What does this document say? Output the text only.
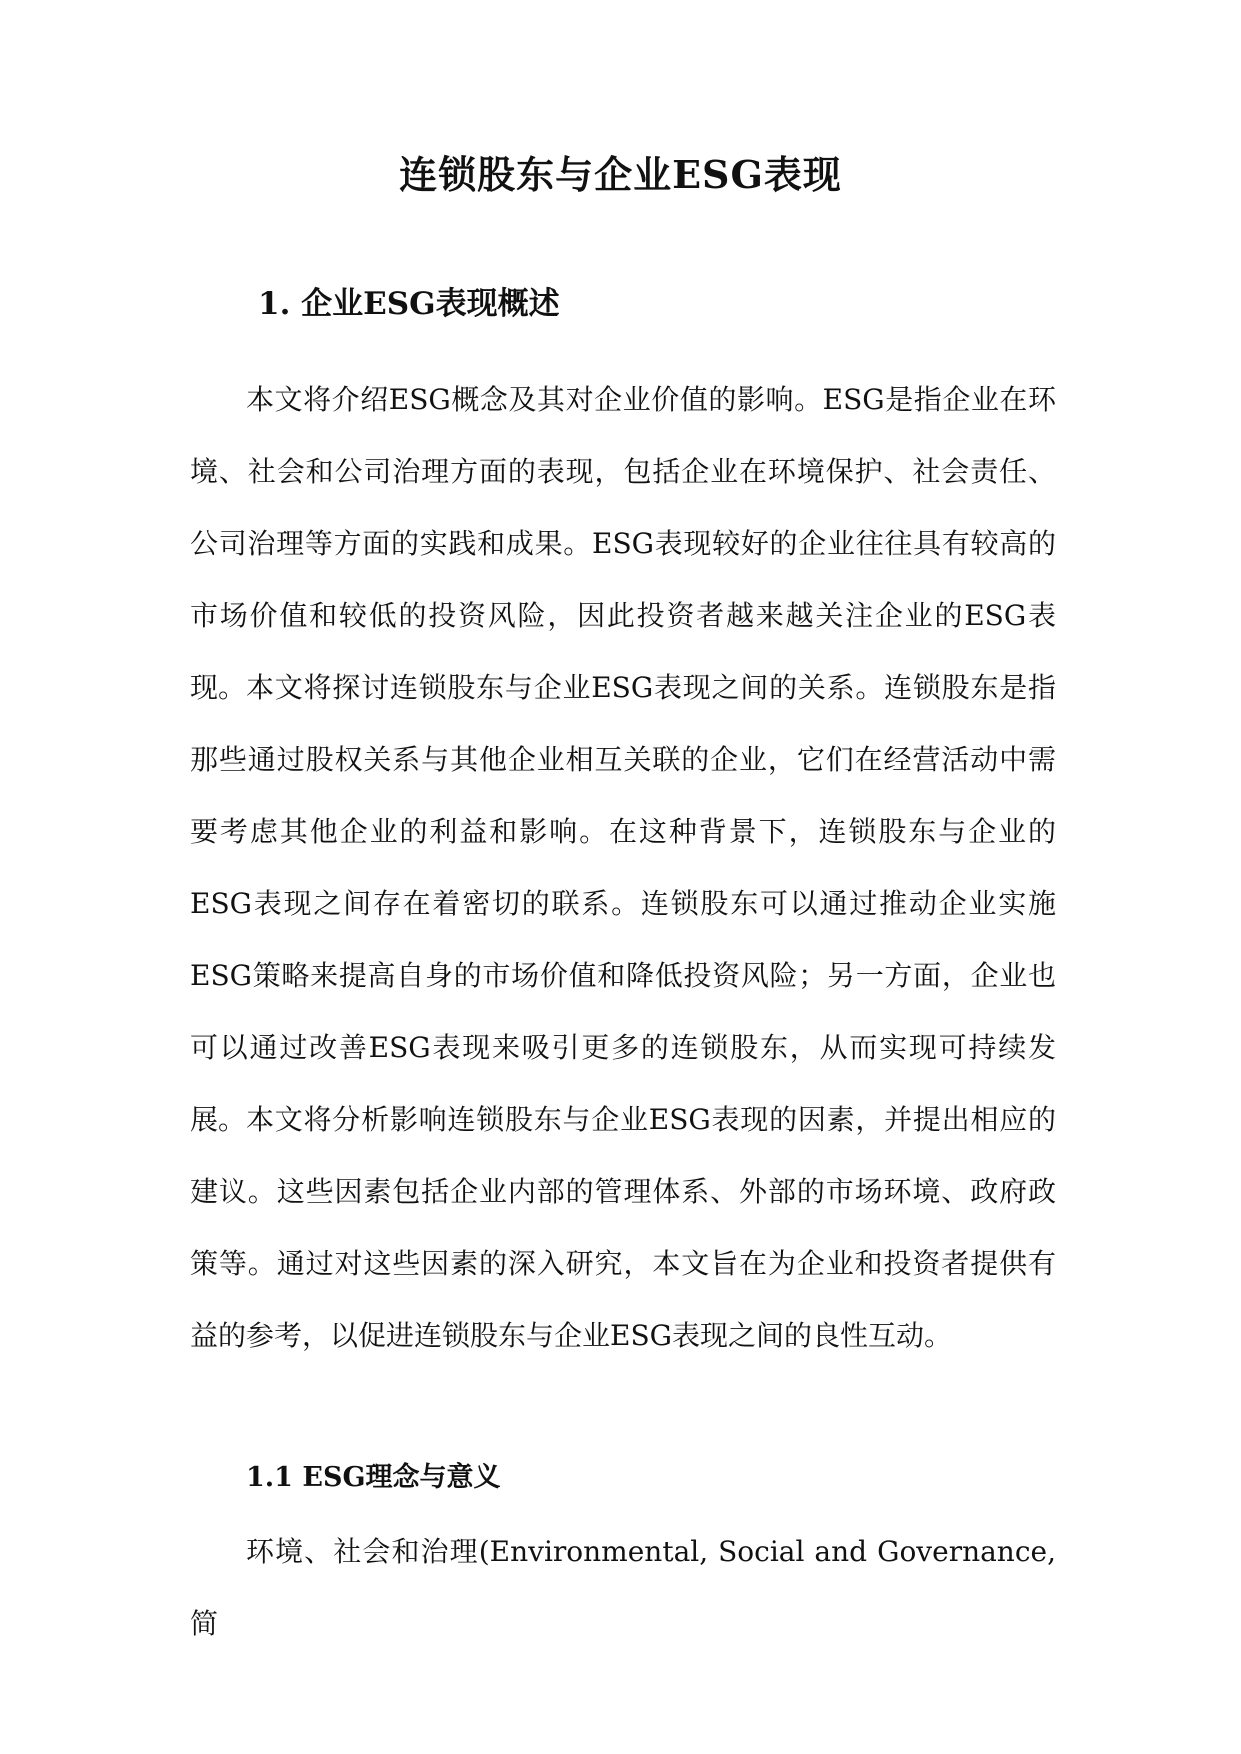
连锁股东与企业ESG表现
1. 企业ESG表现概述

本文将介绍ESG概念及其对企业价值的影响。ESG是指企业在环境、社会和公司治理方面的表现，包括企业在环境保护、社会责任、公司治理等方面的实践和成果。ESG表现较好的企业往往具有较高的市场价值和较低的投资风险，因此投资者越来越关注企业的ESG表现。 本文将探讨连锁股东与企业ESG表现之间的关系。连锁股东是指那些通过股权关系与其他企业相互关联的企业，它们在经营活动中需要考虑其他企业的利益和影响。在这种背景下，连锁股东与企业的ESG表现之间存在着密切的联系。连锁股东可以通过推动企业实施ESG策略来提高自身的市场价值和降低投资风险；另一方面，企业也可以通过改善ESG表现来吸引更多的连锁股东，从而实现可持续发展。 本文将分析影响连锁股东与企业ESG表现的因素，并提出相应的建议。这些因素包括企业内部的管理体系、外部的市场环境、政府政策等。通过对这些因素的深入研究，本文旨在为企业和投资者提供有益的参考，以促进连锁股东与企业ESG表现之间的良性互动。

1.1 ESG理念与意义

环境、社会和治理(Environmental, Social and Governance,简
